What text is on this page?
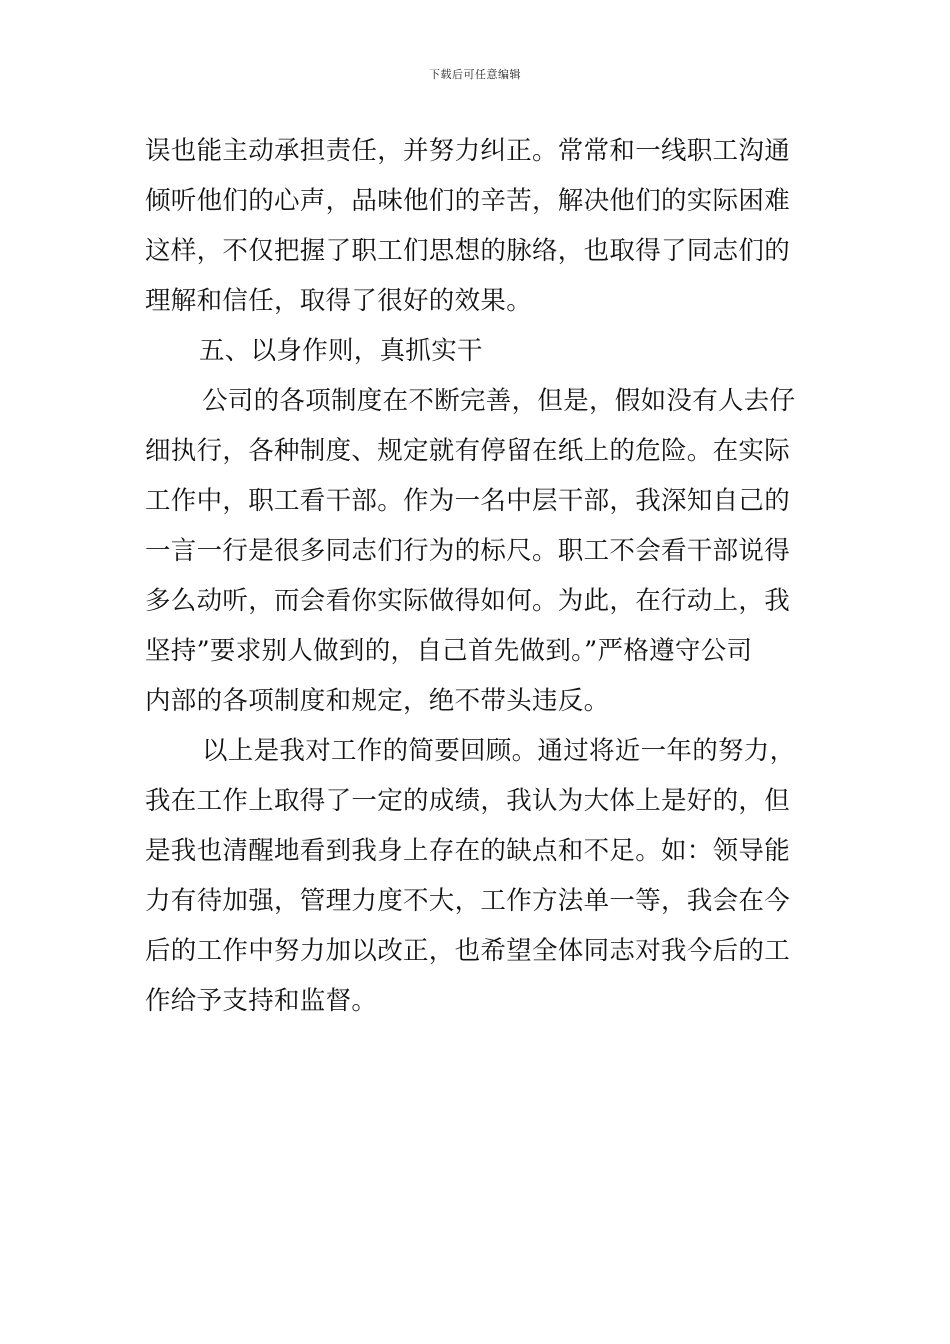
下载后可任意编辑
误也能主动承担责任，并努力纠正。常常和一线职工沟通
倾听他们的心声，品味他们的辛苦，解决他们的实际困难
这样，不仅把握了职工们思想的脉络，也取得了同志们的
理解和信任，取得了很好的效果。
五、以身作则，真抓实干
公司的各项制度在不断完善，但是，假如没有人去仔
细执行，各种制度、规定就有停留在纸上的危险。在实际
工作中，职工看干部。作为一名中层干部，我深知自己的
一言一行是很多同志们行为的标尺。职工不会看干部说得
多么动听，而会看你实际做得如何。为此，在行动上，我
坚持”要求别人做到的，自己首先做到。”严格遵守公司
内部的各项制度和规定，绝不带头违反。
以上是我对工作的简要回顾。通过将近一年的努力，
我在工作上取得了一定的成绩，我认为大体上是好的，但
是我也清醒地看到我身上存在的缺点和不足。如：领导能
力有待加强，管理力度不大，工作方法单一等，我会在今
后的工作中努力加以改正，也希望全体同志对我今后的工
作给予支持和监督。
